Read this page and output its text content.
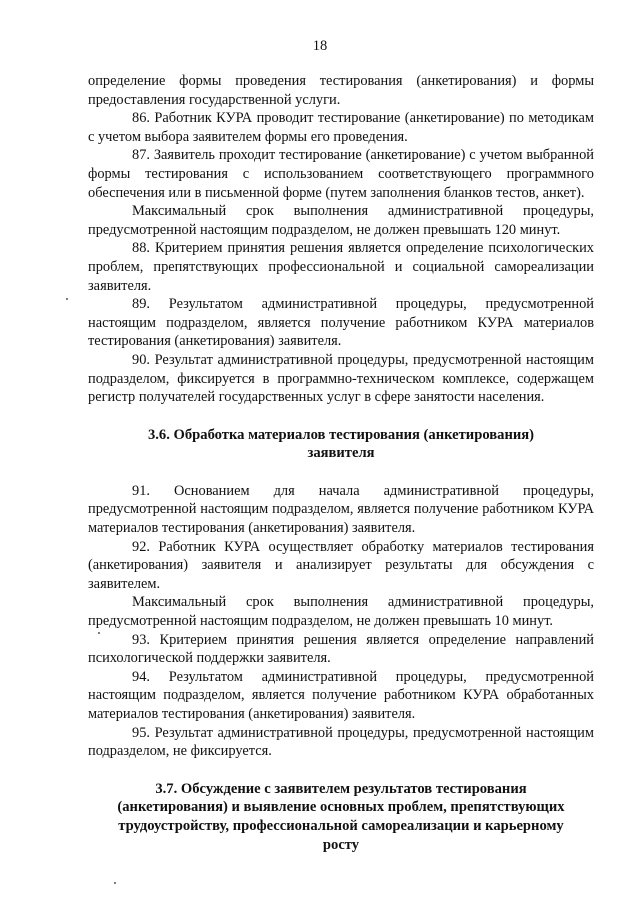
18

определение формы проведения тестирования (анкетирования) и формы предоставления государственной услуги.

86. Работник КУРА проводит тестирование (анкетирование) по методикам с учетом выбора заявителем формы его проведения.

87. Заявитель проходит тестирование (анкетирование) с учетом выбранной формы тестирования с использованием соответствующего программного обеспечения или в письменной форме (путем заполнения бланков тестов, анкет).

Максимальный срок выполнения административной процедуры, предусмотренной настоящим подразделом, не должен превышать 120 минут.

88. Критерием принятия решения является определение психологических проблем, препятствующих профессиональной и социальной самореализации заявителя.

89. Результатом административной процедуры, предусмотренной настоящим подразделом, является получение работником КУРА материалов тестирования (анкетирования) заявителя.

90. Результат административной процедуры, предусмотренной настоящим подразделом, фиксируется в программно-техническом комплексе, содержащем регистр получателей государственных услуг в сфере занятости населения.

3.6. Обработка материалов тестирования (анкетирования) заявителя

91. Основанием для начала административной процедуры, предусмотренной настоящим подразделом, является получение работником КУРА материалов тестирования (анкетирования) заявителя.

92. Работник КУРА осуществляет обработку материалов тестирования (анкетирования) заявителя и анализирует результаты для обсуждения с заявителем.

Максимальный срок выполнения административной процедуры, предусмотренной настоящим подразделом, не должен превышать 10 минут.

93. Критерием принятия решения является определение направлений психологической поддержки заявителя.

94. Результатом административной процедуры, предусмотренной настоящим подразделом, является получение работником КУРА обработанных материалов тестирования (анкетирования) заявителя.

95. Результат административной процедуры, предусмотренной настоящим подразделом, не фиксируется.

3.7. Обсуждение с заявителем результатов тестирования (анкетирования) и выявление основных проблем, препятствующих трудоустройству, профессиональной самореализации и карьерному росту
